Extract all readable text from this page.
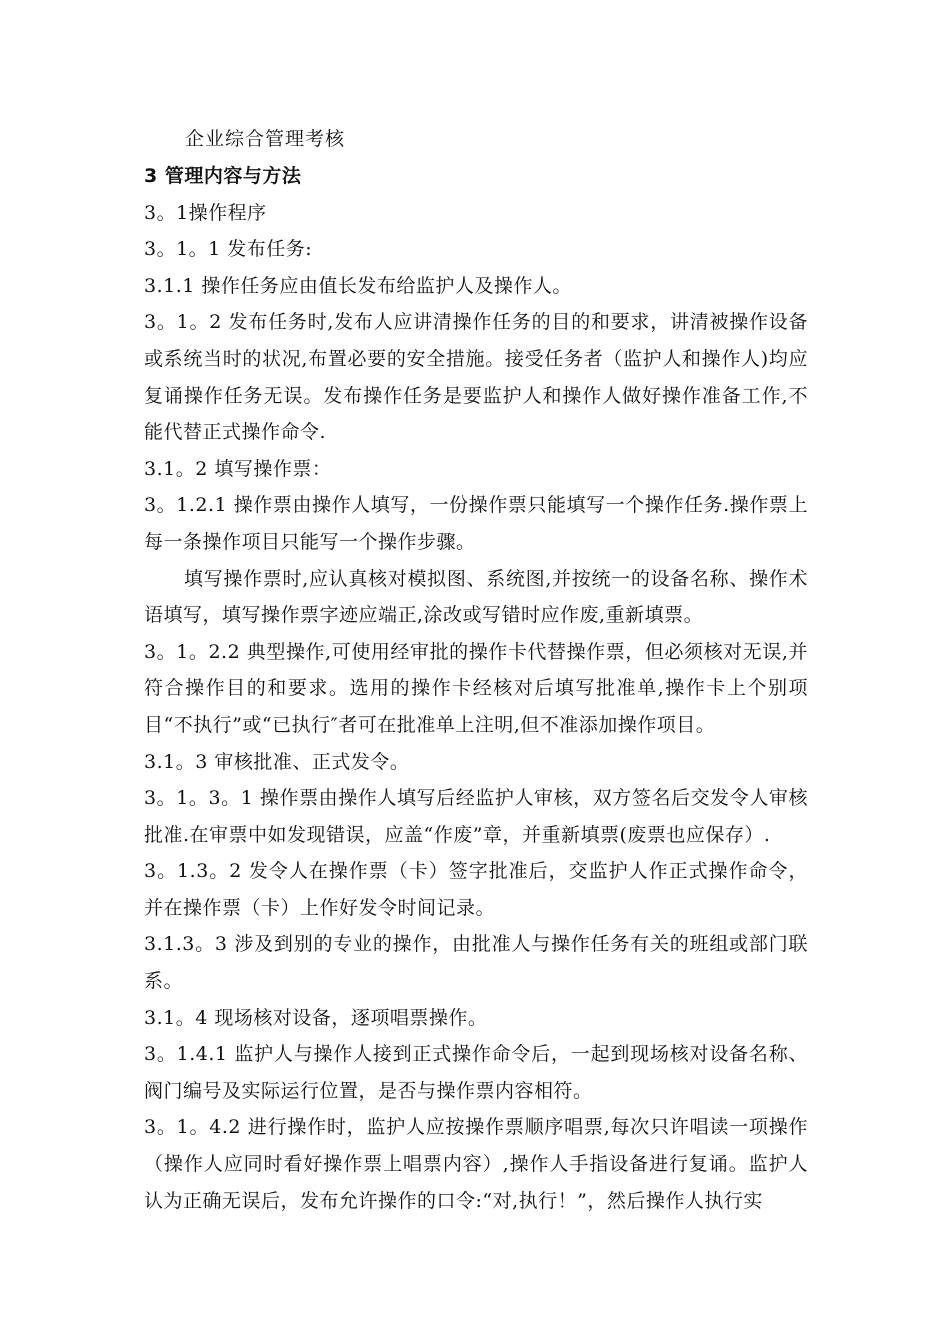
企业综合管理考核

3 管理内容与方法

3。1操作程序

3。1。1 发布任务:

3.1.1 操作任务应由值长发布给监护人及操作人。

3。1。2 发布任务时,发布人应讲清操作任务的目的和要求，讲清被操作设备或系统当时的状况,布置必要的安全措施。接受任务者（监护人和操作人)均应复诵操作任务无误。发布操作任务是要监护人和操作人做好操作准备工作,不能代替正式操作命令.

3.1。2 填写操作票：

3。1.2.1 操作票由操作人填写，一份操作票只能填写一个操作任务.操作票上每一条操作项目只能写一个操作步骤。

填写操作票时,应认真核对模拟图、系统图,并按统一的设备名称、操作术语填写，填写操作票字迹应端正,涂改或写错时应作废,重新填票。

3。1。2.2 典型操作,可使用经审批的操作卡代替操作票，但必须核对无误,并符合操作目的和要求。选用的操作卡经核对后填写批准单,操作卡上个别项目“不执行”或“已执行″者可在批准单上注明,但不准添加操作项目。

3.1。3 审核批准、正式发令。

3。1。3。1 操作票由操作人填写后经监护人审核，双方签名后交发令人审核批准.在审票中如发现错误，应盖“作废”章，并重新填票(废票也应保存）.

3。1.3。2 发令人在操作票（卡）签字批准后，交监护人作正式操作命令，并在操作票（卡）上作好发令时间记录。

3.1.3。3 涉及到别的专业的操作，由批准人与操作任务有关的班组或部门联系。

3.1。4 现场核对设备，逐项唱票操作。

3。1.4.1 监护人与操作人接到正式操作命令后，一起到现场核对设备名称、阀门编号及实际运行位置，是否与操作票内容相符。

3。1。4.2 进行操作时，监护人应按操作票顺序唱票,每次只许唱读一项操作（操作人应同时看好操作票上唱票内容）,操作人手指设备进行复诵。监护人认为正确无误后，发布允许操作的口令:“对,执行！”，然后操作人执行实
